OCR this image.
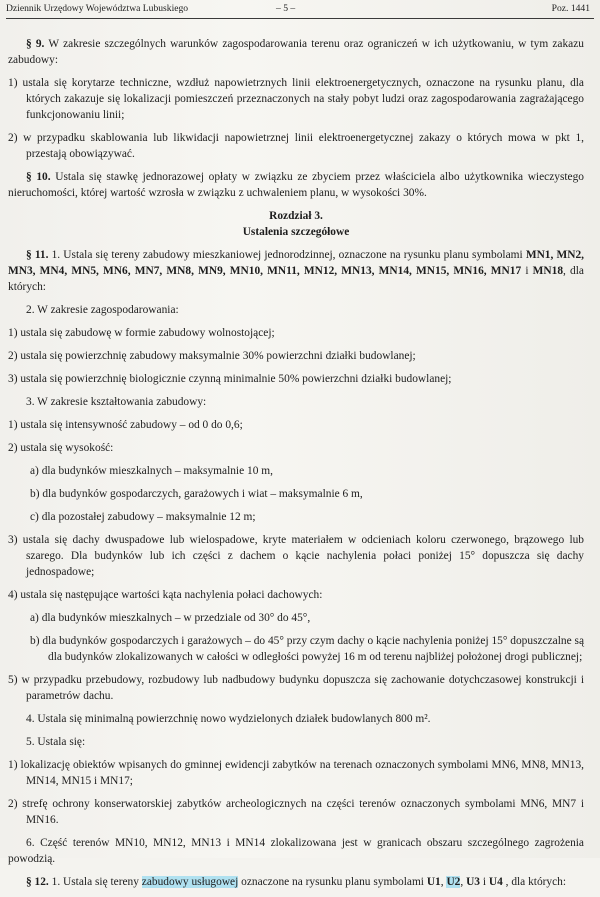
Dziennik Urzędowy Województwa Lubuskiego	– 5 –	Poz. 1441

§ 9. W zakresie szczególnych warunków zagospodarowania terenu oraz ograniczeń w ich użytkowaniu, w tym zakazu zabudowy:

1) ustala się korytarze techniczne, wzdłuż napowietrznych linii elektroenergetycznych, oznaczone na rysunku planu, dla których zakazuje się lokalizacji pomieszczeń przeznaczonych na stały pobyt ludzi oraz zagospodarowania zagrażającego funkcjonowaniu linii;

2) w przypadku skablowania lub likwidacji napowietrznej linii elektroenergetycznej zakazy o których mowa w pkt 1, przestają obowiązywać.

§ 10. Ustala się stawkę jednorazowej opłaty w związku ze zbyciem przez właściciela albo użytkownika wieczystego nieruchomości, której wartość wzrosła w związku z uchwaleniem planu, w wysokości 30%.

Rozdział 3.

Ustalenia szczegółowe

§ 11. 1. Ustala się tereny zabudowy mieszkaniowej jednorodzinnej, oznaczone na rysunku planu symbolami MN1, MN2, MN3, MN4, MN5, MN6, MN7, MN8, MN9, MN10, MN11, MN12, MN13, MN14, MN15, MN16, MN17 i MN18, dla których:

2. W zakresie zagospodarowania:

1) ustala się zabudowę w formie zabudowy wolnostojącej;

2) ustala się powierzchnię zabudowy maksymalnie 30% powierzchni działki budowlanej;

3) ustala się powierzchnię biologicznie czynną minimalnie 50% powierzchni działki budowlanej;

3. W zakresie kształtowania zabudowy:

1) ustala się intensywność zabudowy – od 0 do 0,6;

2) ustala się wysokość:

a) dla budynków mieszkalnych – maksymalnie 10 m,

b) dla budynków gospodarczych, garażowych i wiat – maksymalnie 6 m,

c) dla pozostałej zabudowy – maksymalnie 12 m;

3) ustala się dachy dwuspadowe lub wielospadowe, kryte materiałem w odcieniach koloru czerwonego, brązowego lub szarego. Dla budynków lub ich części z dachem o kącie nachylenia połaci poniżej 15° dopuszcza się dachy jednospadowe;

4) ustala się następujące wartości kąta nachylenia połaci dachowych:

a) dla budynków mieszkalnych – w przedziale od 30° do 45°,

b) dla budynków gospodarczych i garażowych – do 45° przy czym dachy o kącie nachylenia poniżej 15° dopuszczalne są dla budynków zlokalizowanych w całości w odległości powyżej 16 m od terenu najbliżej położonej drogi publicznej;

5) w przypadku przebudowy, rozbudowy lub nadbudowy budynku dopuszcza się zachowanie dotychczasowej konstrukcji i parametrów dachu.

4. Ustala się minimalną powierzchnię nowo wydzielonych działek budowlanych 800 m².

5. Ustala się:

1) lokalizację obiektów wpisanych do gminnej ewidencji zabytków na terenach oznaczonych symbolami MN6, MN8, MN13, MN14, MN15 i MN17;

2) strefę ochrony konserwatorskiej zabytków archeologicznych na części terenów oznaczonych symbolami MN6, MN7 i MN16.

6. Część terenów MN10, MN12, MN13 i MN14 zlokalizowana jest w granicach obszaru szczególnego zagrożenia powodzią.

§ 12. 1. Ustala się tereny zabudowy usługowej oznaczone na rysunku planu symbolami U1, U2, U3 i U4 , dla których:
